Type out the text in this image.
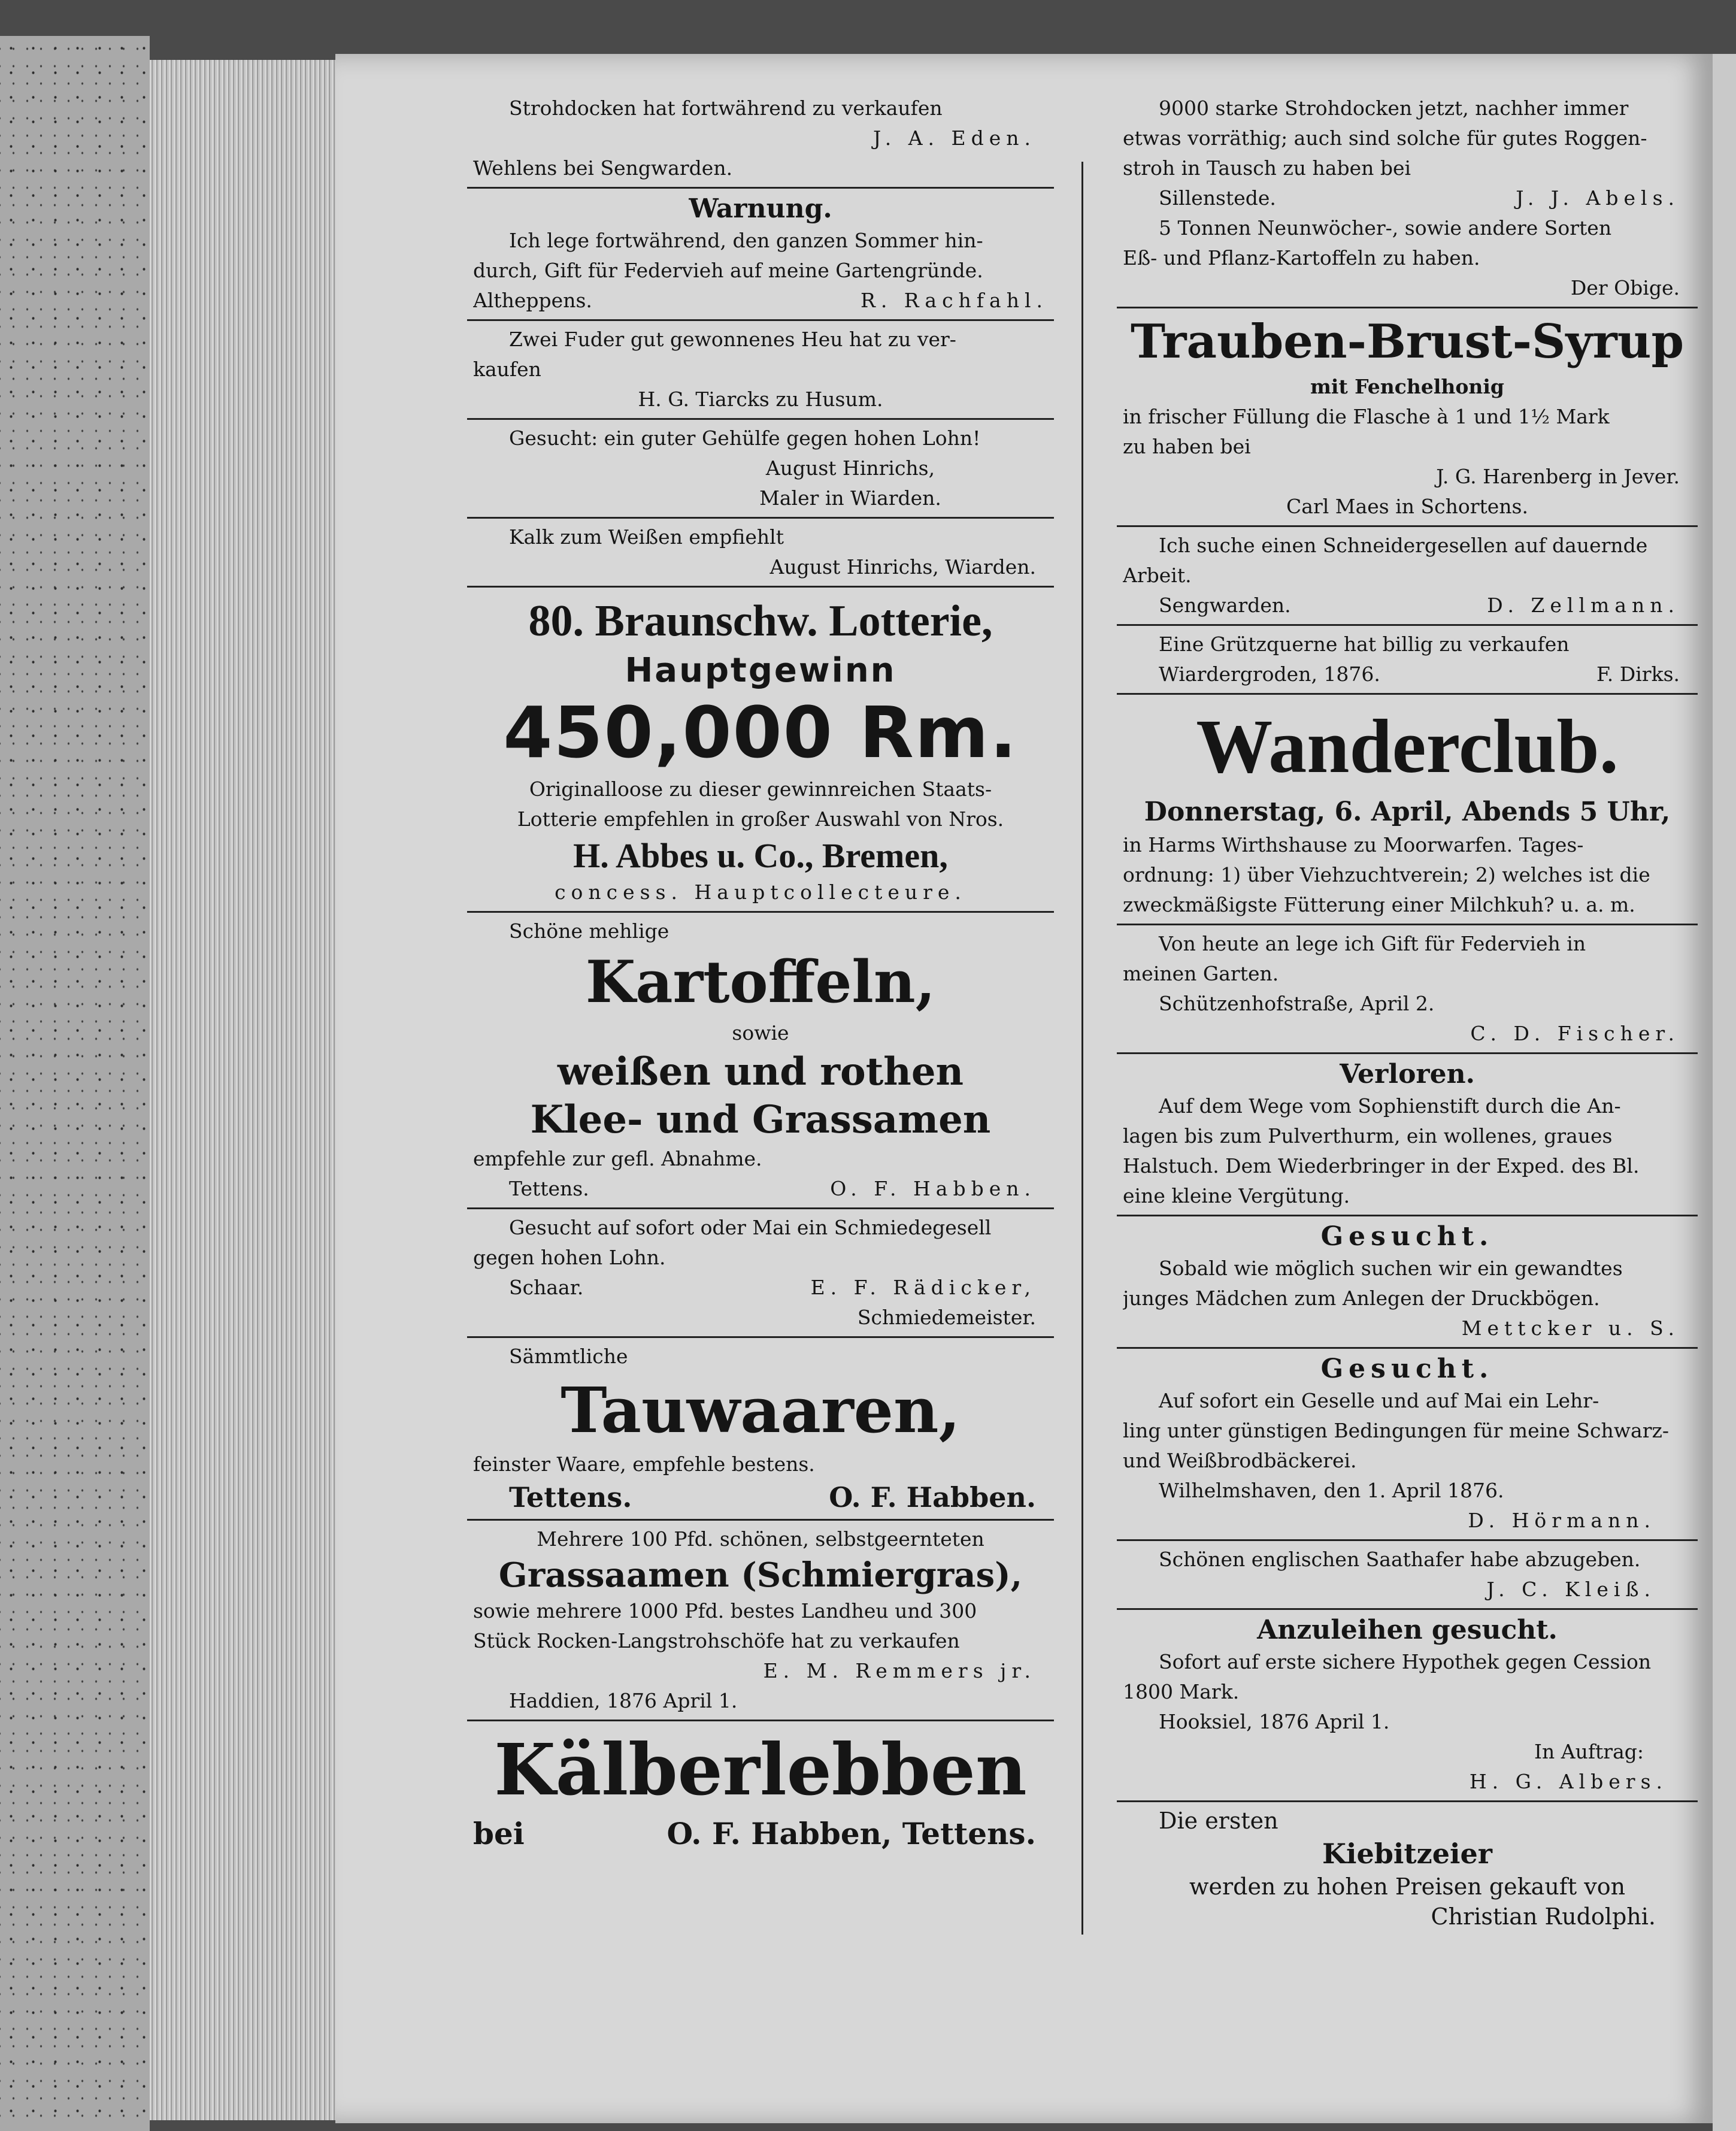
Strohdocken hat fortwährend zu verkaufen
J. A. Eden.
Wehlens bei Sengwarden.
Warnung.
Ich lege fortwährend, den ganzen Sommer hin-
durch, Gift für Federvieh auf meine Gartengründe.
Altheppens.	R. Rachfahl.
Zwei Fuder gut gewonnenes Heu hat zu ver-
kaufen
H. G. Tiarcks zu Husum.
Gesucht: ein guter Gehülfe gegen hohen Lohn!
August Hinrichs,
Maler in Wiarden.
Kalk zum Weißen empfiehlt
August Hinrichs, Wiarden.
80. Braunschw. Lotterie,
Hauptgewinn
450,000 Rm.
Originalloose zu dieser gewinnreichen Staats-
Lotterie empfehlen in großer Auswahl von Nros.
H. Abbes u. Co., Bremen,
concess. Hauptcollecteure.
Schöne mehlige
Kartoffeln,
sowie
weißen und rothen
Klee- und Grassamen
empfehle zur gefl. Abnahme.
Tettens.	O. F. Habben.
Gesucht auf sofort oder Mai ein Schmiedegesell
gegen hohen Lohn.
Schaar.	E. F. Rädicker,
Schmiedemeister.
Sämmtliche
Tauwaaren,
feinster Waare, empfehle bestens.
Tettens.	O. F. Habben.
Mehrere 100 Pfd. schönen, selbstgeernteten
Grassaamen (Schmiergras),
sowie mehrere 1000 Pfd. bestes Landheu und 300
Stück Rocken-Langstrohschöfe hat zu verkaufen
E. M. Remmers jr.
Haddien, 1876 April 1.
Kälberlebben
bei	O. F. Habben, Tettens.
9000 starke Strohdocken jetzt, nachher immer
etwas vorräthig; auch sind solche für gutes Roggen-
stroh in Tausch zu haben bei
Sillenstede.	J. J. Abels.
5 Tonnen Neunwöcher-, sowie andere Sorten
Eß- und Pflanz-Kartoffeln zu haben.
Der Obige.
Trauben-Brust-Syrup
mit Fenchelhonig
in frischer Füllung die Flasche à 1 und 1½ Mark
zu haben bei
J. G. Harenberg in Jever.
Carl Maes in Schortens.
Ich suche einen Schneidergesellen auf dauernde
Arbeit.
Sengwarden.	D. Zellmann.
Eine Grützquerne hat billig zu verkaufen
Wiardergroden, 1876.	F. Dirks.
Wanderclub.
Donnerstag, 6. April, Abends 5 Uhr,
in Harms Wirthshause zu Moorwarfen. Tages-
ordnung: 1) über Viehzuchtverein; 2) welches ist die
zweckmäßigste Fütterung einer Milchkuh? u. a. m.
Von heute an lege ich Gift für Federvieh in
meinen Garten.
Schützenhofstraße, April 2.
C. D. Fischer.
Verloren.
Auf dem Wege vom Sophienstift durch die An-
lagen bis zum Pulverthurm, ein wollenes, graues
Halstuch. Dem Wiederbringer in der Exped. des Bl.
eine kleine Vergütung.
Gesucht.
Sobald wie möglich suchen wir ein gewandtes
junges Mädchen zum Anlegen der Druckbögen.
Mettcker u. S.
Gesucht.
Auf sofort ein Geselle und auf Mai ein Lehr-
ling unter günstigen Bedingungen für meine Schwarz-
und Weißbrodbäckerei.
Wilhelmshaven, den 1. April 1876.
D. Hörmann.
Schönen englischen Saathafer habe abzugeben.
J. C. Kleiß.
Anzuleihen gesucht.
Sofort auf erste sichere Hypothek gegen Cession
1800 Mark.
Hooksiel, 1876 April 1.
In Auftrag:
H. G. Albers.
Die ersten
Kiebitzeier
werden zu hohen Preisen gekauft von
Christian Rudolphi.
